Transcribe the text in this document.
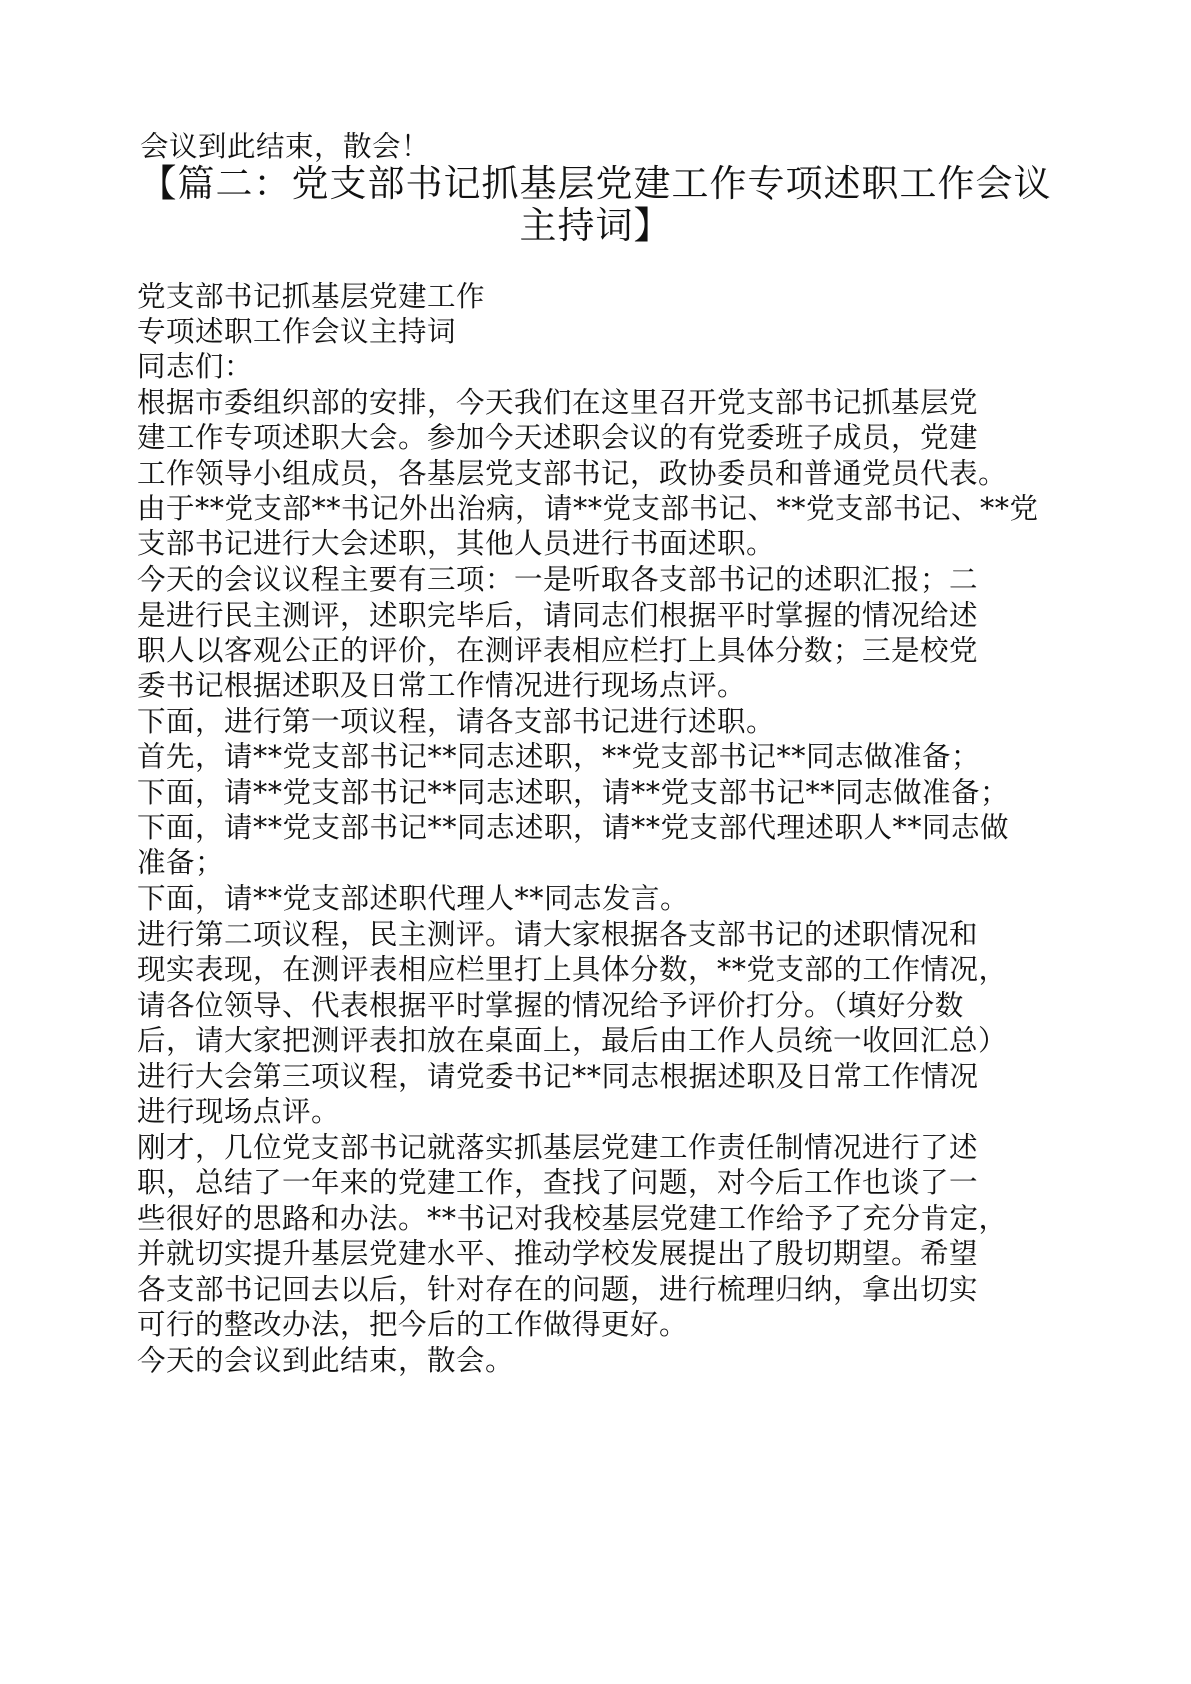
会议到此结束，散会！
【篇二：党支部书记抓基层党建工作专项述职工作会议
主持词】
党支部书记抓基层党建工作
专项述职工作会议主持词
同志们：
根据市委组织部的安排，今天我们在这里召开党支部书记抓基层党
建工作专项述职大会。参加今天述职会议的有党委班子成员，党建
工作领导小组成员，各基层党支部书记，政协委员和普通党员代表。
由于**党支部**书记外出治病，请**党支部书记、**党支部书记、**党
支部书记进行大会述职，其他人员进行书面述职。
今天的会议议程主要有三项：一是听取各支部书记的述职汇报；二
是进行民主测评，述职完毕后，请同志们根据平时掌握的情况给述
职人以客观公正的评价，在测评表相应栏打上具体分数；三是校党
委书记根据述职及日常工作情况进行现场点评。
下面，进行第一项议程，请各支部书记进行述职。
首先，请**党支部书记**同志述职，**党支部书记**同志做准备；
下面，请**党支部书记**同志述职，请**党支部书记**同志做准备；
下面，请**党支部书记**同志述职，请**党支部代理述职人**同志做
准备；
下面，请**党支部述职代理人**同志发言。
进行第二项议程，民主测评。请大家根据各支部书记的述职情况和
现实表现，在测评表相应栏里打上具体分数，**党支部的工作情况，
请各位领导、代表根据平时掌握的情况给予评价打分。（填好分数
后，请大家把测评表扣放在桌面上，最后由工作人员统一收回汇总）
进行大会第三项议程，请党委书记**同志根据述职及日常工作情况
进行现场点评。
刚才，几位党支部书记就落实抓基层党建工作责任制情况进行了述
职，总结了一年来的党建工作，查找了问题，对今后工作也谈了一
些很好的思路和办法。**书记对我校基层党建工作给予了充分肯定，
并就切实提升基层党建水平、推动学校发展提出了殷切期望。希望
各支部书记回去以后，针对存在的问题，进行梳理归纳，拿出切实
可行的整改办法，把今后的工作做得更好。
今天的会议到此结束，散会。
